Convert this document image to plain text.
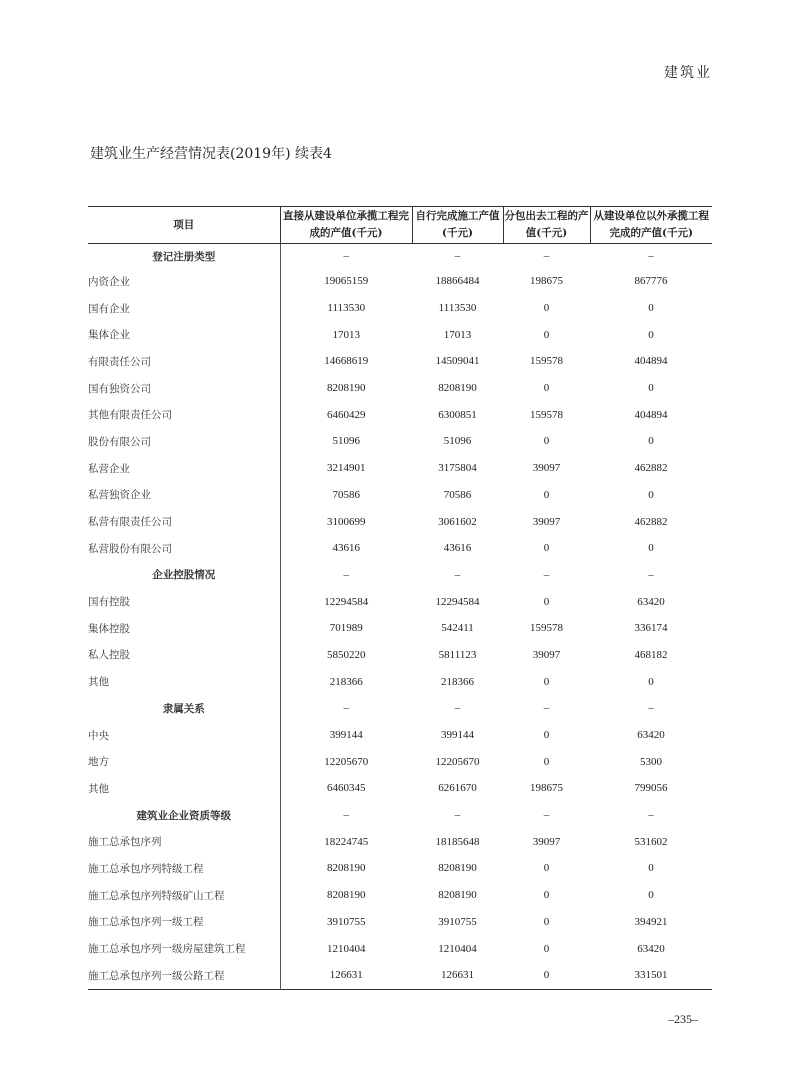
建筑业
建筑业生产经营情况表(2019年) 续表4
项目	直接从建设单位承揽工程完成的产值(千元)	自行完成施工产值(千元)	分包出去工程的产值(千元)	从建设单位以外承揽工程完成的产值(千元)
登记注册类型	–	–	–	–
内资企业	19065159	18866484	198675	867776
国有企业	1113530	1113530	0	0
集体企业	17013	17013	0	0
有限责任公司	14668619	14509041	159578	404894
国有独资公司	8208190	8208190	0	0
其他有限责任公司	6460429	6300851	159578	404894
股份有限公司	51096	51096	0	0
私营企业	3214901	3175804	39097	462882
私营独资企业	70586	70586	0	0
私营有限责任公司	3100699	3061602	39097	462882
私营股份有限公司	43616	43616	0	0
企业控股情况	–	–	–	–
国有控股	12294584	12294584	0	63420
集体控股	701989	542411	159578	336174
私人控股	5850220	5811123	39097	468182
其他	218366	218366	0	0
隶属关系	–	–	–	–
中央	399144	399144	0	63420
地方	12205670	12205670	0	5300
其他	6460345	6261670	198675	799056
建筑业企业资质等级	–	–	–	–
施工总承包序列	18224745	18185648	39097	531602
施工总承包序列特级工程	8208190	8208190	0	0
施工总承包序列特级矿山工程	8208190	8208190	0	0
施工总承包序列一级工程	3910755	3910755	0	394921
施工总承包序列一级房屋建筑工程	1210404	1210404	0	63420
施工总承包序列一级公路工程	126631	126631	0	331501
–235–
